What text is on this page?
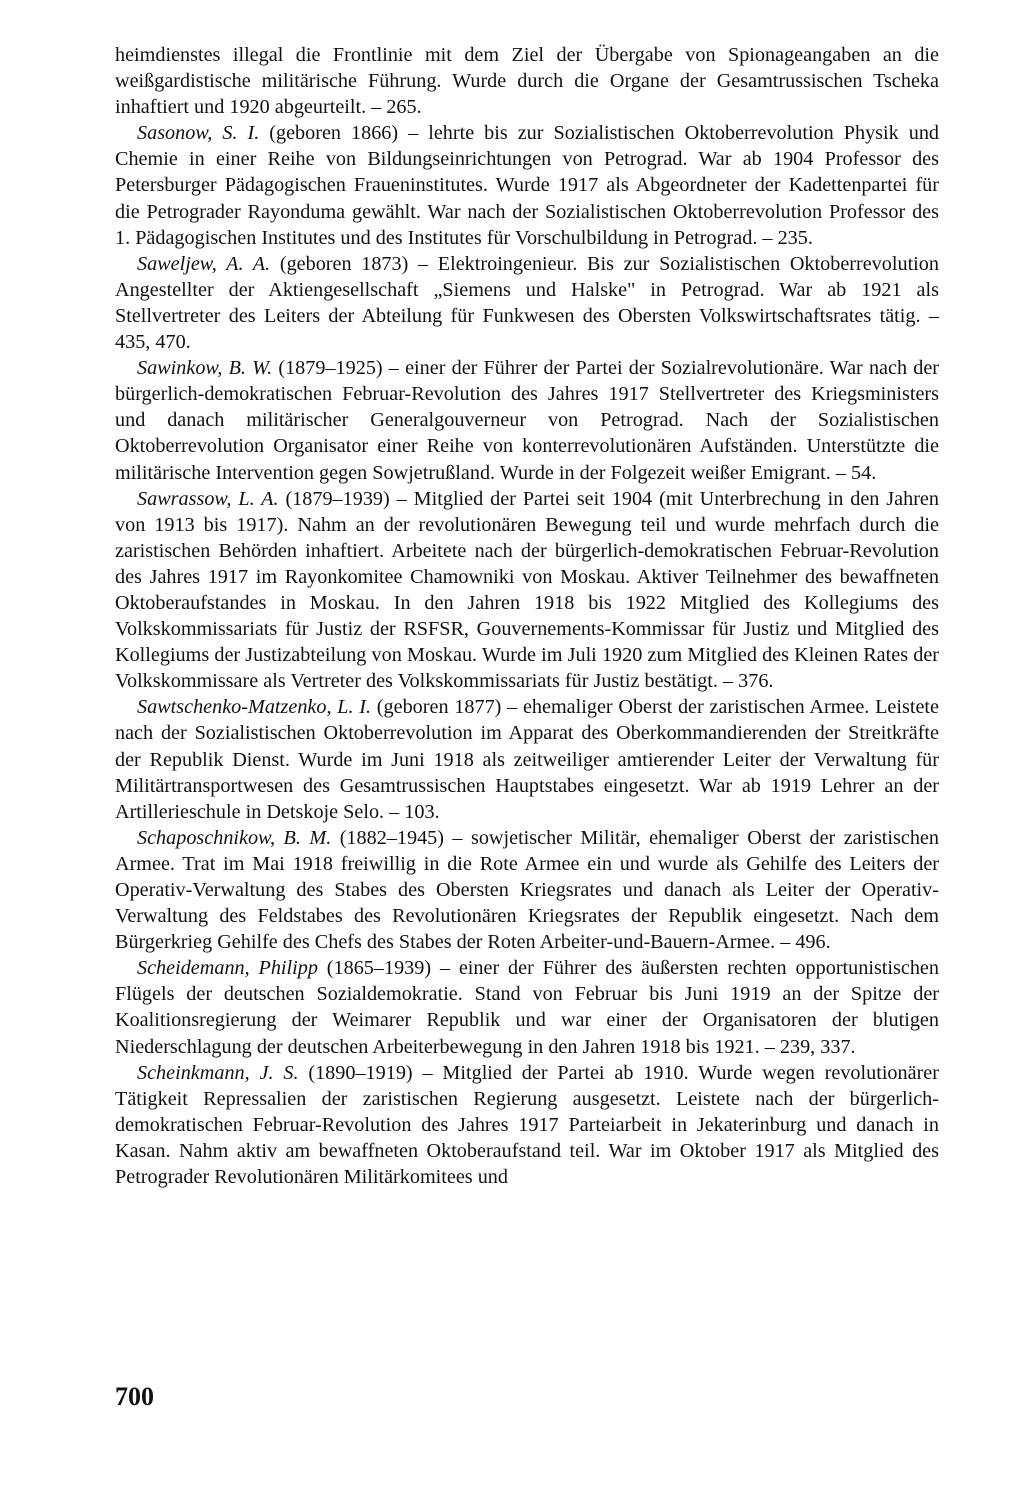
heimdienstes illegal die Frontlinie mit dem Ziel der Übergabe von Spionageangaben an die weißgardistische militärische Führung. Wurde durch die Organe der Gesamtrussischen Tscheka inhaftiert und 1920 abgeurteilt. – 265.

Sasonow, S. I. (geboren 1866) – lehrte bis zur Sozialistischen Oktoberrevolution Physik und Chemie in einer Reihe von Bildungseinrichtungen von Petrograd. War ab 1904 Professor des Petersburger Pädagogischen Fraueninstitutes. Wurde 1917 als Abgeordneter der Kadettenpartei für die Petrograder Rayonduma gewählt. War nach der Sozialistischen Oktoberrevolution Professor des 1. Pädagogischen Institutes und des Institutes für Vorschulbildung in Petrograd. – 235.

Saweljew, A. A. (geboren 1873) – Elektroingenieur. Bis zur Sozialistischen Oktoberrevolution Angestellter der Aktiengesellschaft „Siemens und Halske" in Petrograd. War ab 1921 als Stellvertreter des Leiters der Abteilung für Funkwesen des Obersten Volkswirtschaftsrates tätig. – 435, 470.

Sawinkow, B. W. (1879–1925) – einer der Führer der Partei der Sozialrevolutionäre. War nach der bürgerlich-demokratischen Februar-Revolution des Jahres 1917 Stellvertreter des Kriegsministers und danach militärischer Generalgouverneur von Petrograd. Nach der Sozialistischen Oktoberrevolution Organisator einer Reihe von konterrevolutionären Aufständen. Unterstützte die militärische Intervention gegen Sowjetrußland. Wurde in der Folgezeit weißer Emigrant. – 54.

Sawrassow, L. A. (1879–1939) – Mitglied der Partei seit 1904 (mit Unterbrechung in den Jahren von 1913 bis 1917). Nahm an der revolutionären Bewegung teil und wurde mehrfach durch die zaristischen Behörden inhaftiert. Arbeitete nach der bürgerlich-demokratischen Februar-Revolution des Jahres 1917 im Rayonkomitee Chamowniki von Moskau. Aktiver Teilnehmer des bewaffneten Oktoberaufstandes in Moskau. In den Jahren 1918 bis 1922 Mitglied des Kollegiums des Volkskommissariats für Justiz der RSFSR, Gouvernements-Kommissar für Justiz und Mitglied des Kollegiums der Justizabteilung von Moskau. Wurde im Juli 1920 zum Mitglied des Kleinen Rates der Volkskommissare als Vertreter des Volkskommissariats für Justiz bestätigt. – 376.

Sawtschenko-Matzenko, L. I. (geboren 1877) – ehemaliger Oberst der zaristischen Armee. Leistete nach der Sozialistischen Oktoberrevolution im Apparat des Oberkommandierenden der Streitkräfte der Republik Dienst. Wurde im Juni 1918 als zeitweiliger amtierender Leiter der Verwaltung für Militärtransportwesen des Gesamtrussischen Hauptstabes eingesetzt. War ab 1919 Lehrer an der Artillerieschule in Detskoje Selo. – 103.

Schaposchnikow, B. M. (1882–1945) – sowjetischer Militär, ehemaliger Oberst der zaristischen Armee. Trat im Mai 1918 freiwillig in die Rote Armee ein und wurde als Gehilfe des Leiters der Operativ-Verwaltung des Stabes des Obersten Kriegsrates und danach als Leiter der Operativ-Verwaltung des Feldstabes des Revolutionären Kriegsrates der Republik eingesetzt. Nach dem Bürgerkrieg Gehilfe des Chefs des Stabes der Roten Arbeiter-und-Bauern-Armee. – 496.

Scheidemann, Philipp (1865–1939) – einer der Führer des äußersten rechten opportunistischen Flügels der deutschen Sozialdemokratie. Stand von Februar bis Juni 1919 an der Spitze der Koalitionsregierung der Weimarer Republik und war einer der Organisatoren der blutigen Niederschlagung der deutschen Arbeiterbewegung in den Jahren 1918 bis 1921. – 239, 337.

Scheinkmann, J. S. (1890–1919) – Mitglied der Partei ab 1910. Wurde wegen revolutionärer Tätigkeit Repressalien der zaristischen Regierung ausgesetzt. Leistete nach der bürgerlich-demokratischen Februar-Revolution des Jahres 1917 Parteiarbeit in Jekaterinburg und danach in Kasan. Nahm aktiv am bewaffneten Oktoberaufstand teil. War im Oktober 1917 als Mitglied des Petrograder Revolutionären Militärkomitees und

700
